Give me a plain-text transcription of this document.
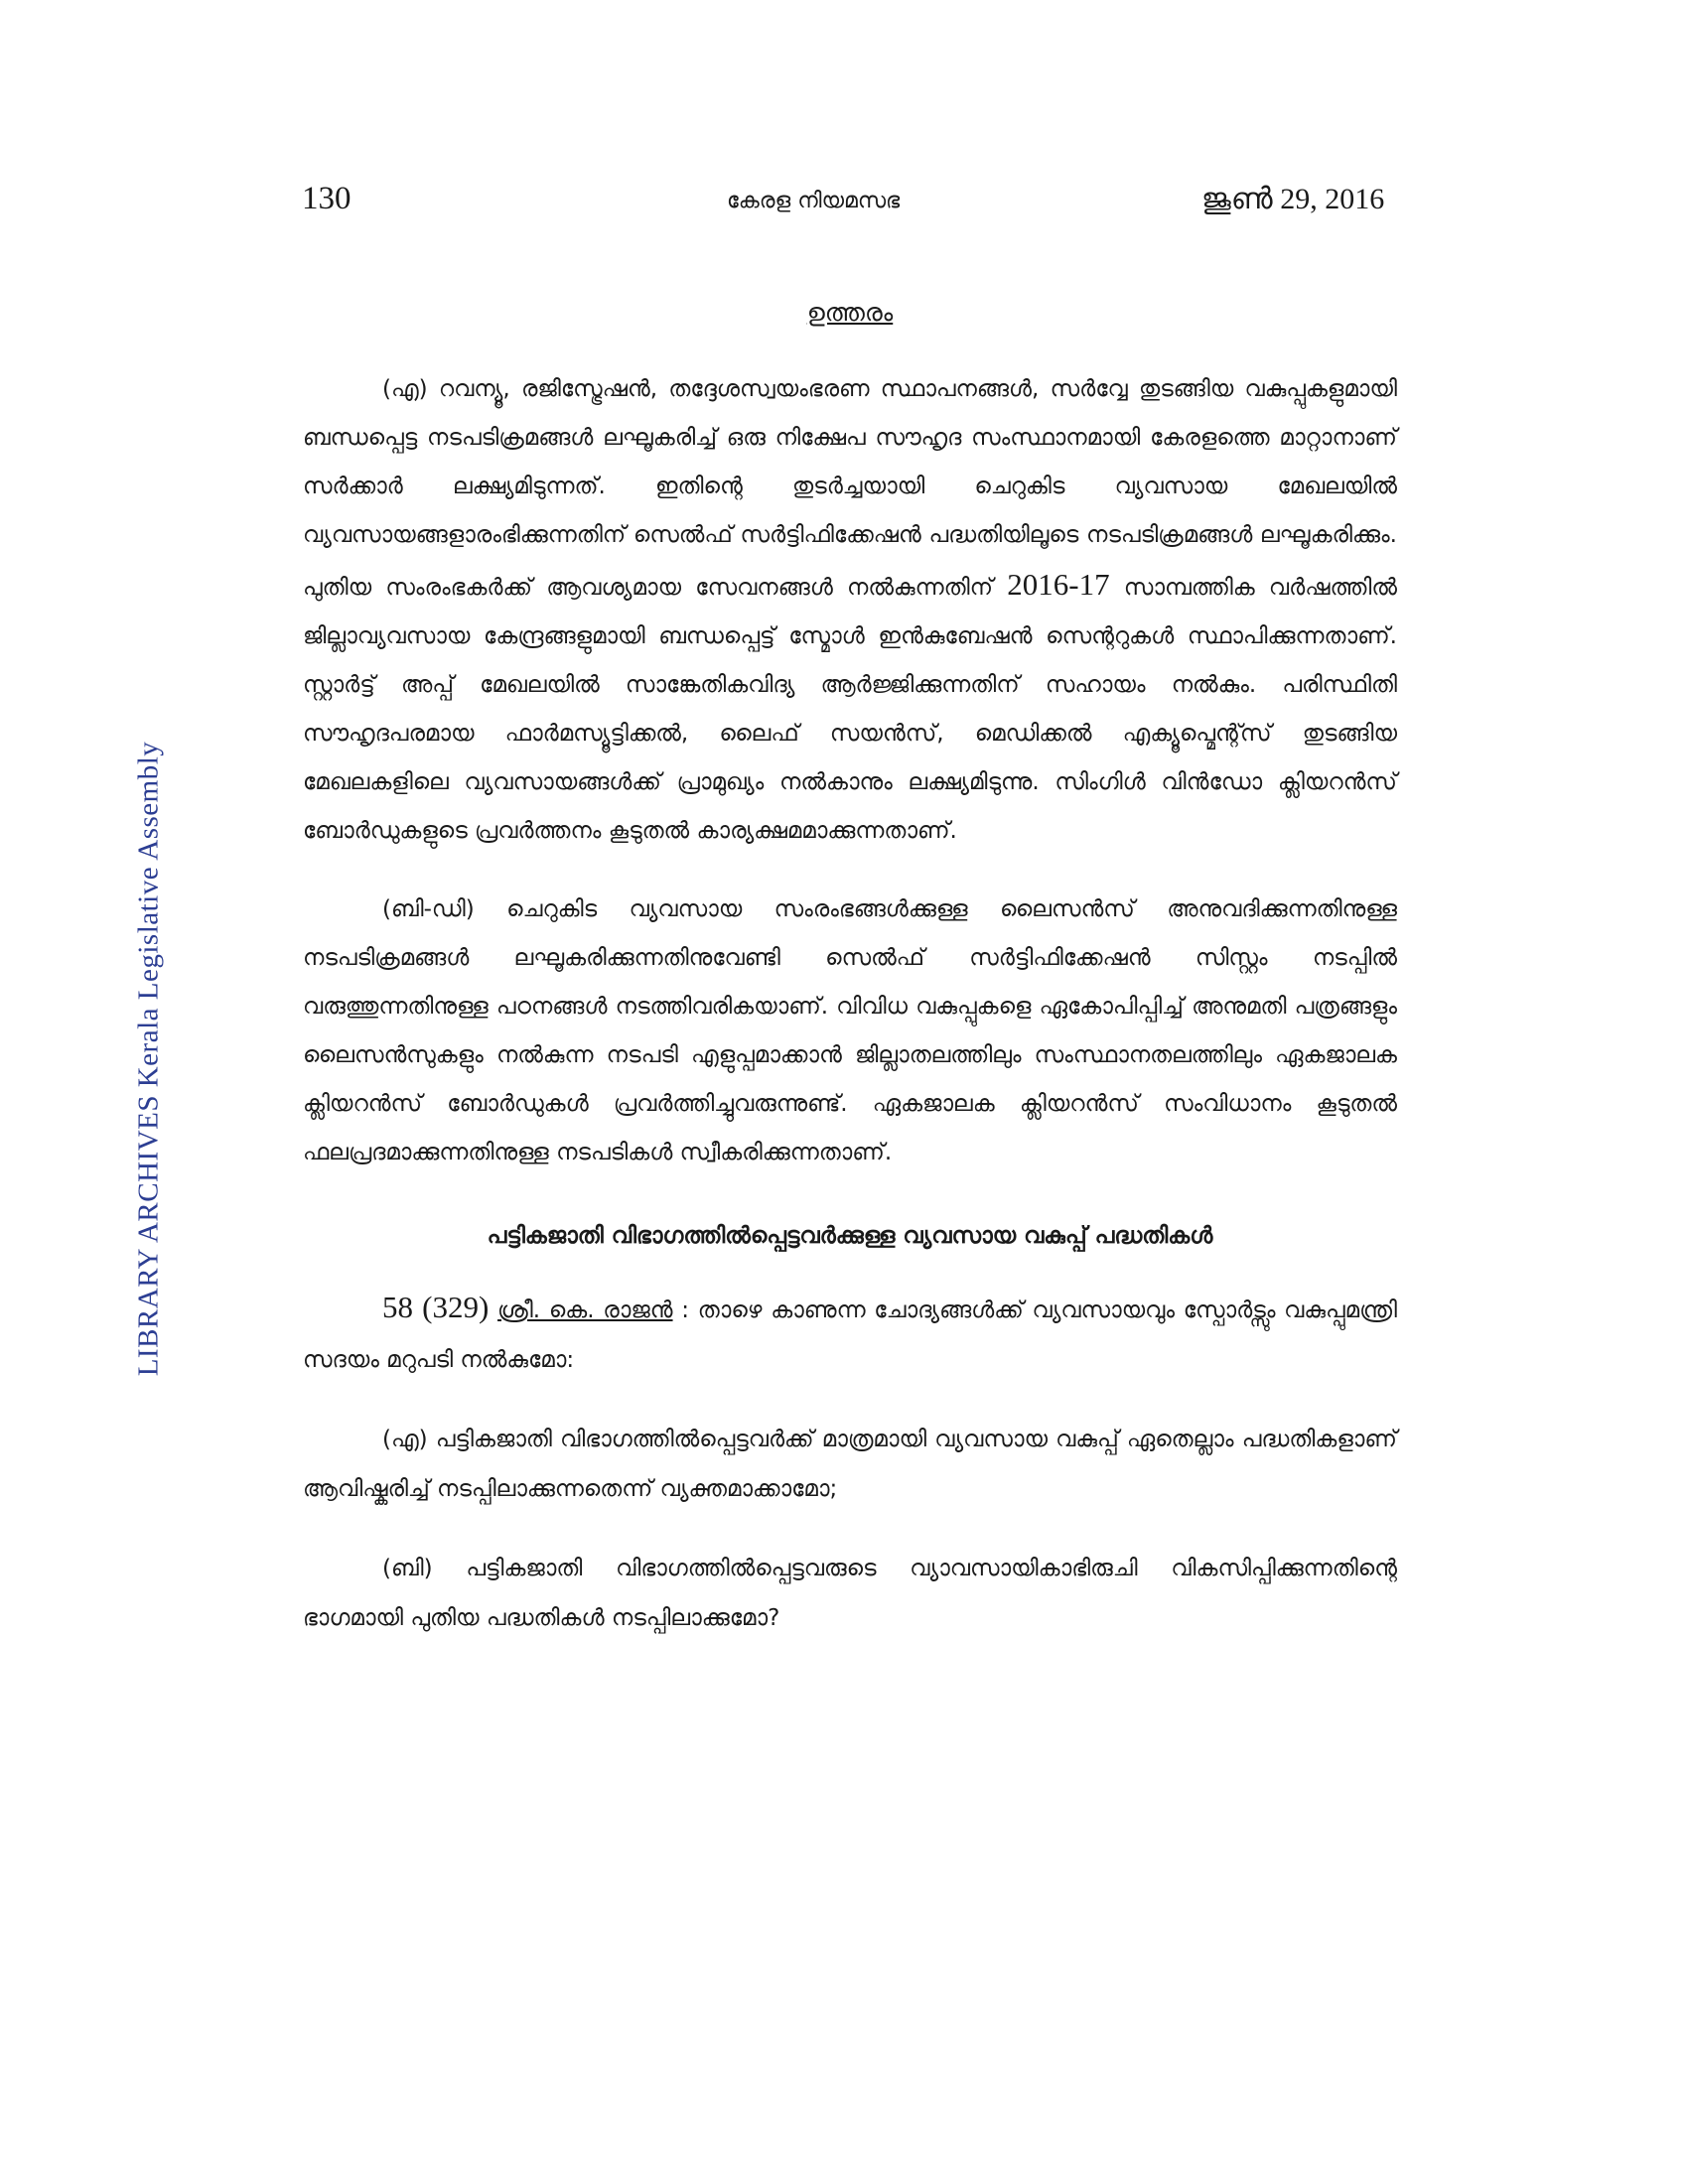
130	കേരള നിയമസഭ	ജൂൺ 29, 2016
LIBRARY ARCHIVES Kerala Legislative Assembly
ഉത്തരം

(എ) റവന്യൂ, രജിസ്ട്രേഷൻ, തദ്ദേശസ്വയംഭരണ സ്ഥാപനങ്ങൾ, സർവ്വേ തുടങ്ങിയ വകുപ്പുകളുമായി ബന്ധപ്പെട്ട നടപടിക്രമങ്ങൾ ലഘൂകരിച്ച് ഒരു നിക്ഷേപ സൗഹൃദ സംസ്ഥാനമായി കേരളത്തെ മാറ്റാനാണ് സർക്കാർ ലക്ഷ്യമിടുന്നത്. ഇതിന്റെ തുടർച്ചയായി ചെറുകിട വ്യവസായ മേഖലയിൽ വ്യവസായങ്ങളാരംഭിക്കുന്നതിന് സെൽഫ് സർട്ടിഫിക്കേഷൻ പദ്ധതിയിലൂടെ നടപടിക്രമങ്ങൾ ലഘൂകരിക്കും. പുതിയ സംരംഭകർക്ക് ആവശ്യമായ സേവനങ്ങൾ നൽകുന്നതിന് 2016-17 സാമ്പത്തിക വർഷത്തിൽ ജില്ലാവ്യവസായ കേന്ദ്രങ്ങളുമായി ബന്ധപ്പെട്ട് സ്മോൾ ഇൻകുബേഷൻ സെന്ററുകൾ സ്ഥാപിക്കുന്നതാണ്. സ്റ്റാർട്ട് അപ്പ് മേഖലയിൽ സാങ്കേതികവിദ്യ ആർജ്ജിക്കുന്നതിന് സഹായം നൽകും. പരിസ്ഥിതി സൗഹൃദപരമായ ഫാർമസ്യൂട്ടിക്കൽ, ലൈഫ് സയൻസ്, മെഡിക്കൽ എക്യൂപ്മെന്റ്സ് തുടങ്ങിയ മേഖലകളിലെ വ്യവസായങ്ങൾക്ക് പ്രാമുഖ്യം നൽകാനും ലക്ഷ്യമിടുന്നു. സിംഗിൾ വിൻഡോ ക്ലിയറൻസ് ബോർഡുകളുടെ പ്രവർത്തനം കൂടുതൽ കാര്യക്ഷമമാക്കുന്നതാണ്.

(ബി-ഡി) ചെറുകിട വ്യവസായ സംരംഭങ്ങൾക്കുള്ള ലൈസൻസ് അനുവദിക്കുന്നതിനുള്ള നടപടിക്രമങ്ങൾ ലഘൂകരിക്കുന്നതിനുവേണ്ടി സെൽഫ് സർട്ടിഫിക്കേഷൻ സിസ്റ്റം നടപ്പിൽ വരുത്തുന്നതിനുള്ള പഠനങ്ങൾ നടത്തിവരികയാണ്. വിവിധ വകുപ്പുകളെ ഏകോപിപ്പിച്ച് അനുമതി പത്രങ്ങളും ലൈസൻസുകളും നൽകുന്ന നടപടി എളുപ്പമാക്കാൻ ജില്ലാതലത്തിലും സംസ്ഥാനതലത്തിലും ഏകജാലക ക്ലിയറൻസ് ബോർഡുകൾ പ്രവർത്തിച്ചുവരുന്നുണ്ട്. ഏകജാലക ക്ലിയറൻസ് സംവിധാനം കൂടുതൽ ഫലപ്രദമാക്കുന്നതിനുള്ള നടപടികൾ സ്വീകരിക്കുന്നതാണ്.

പട്ടികജാതി വിഭാഗത്തിൽപ്പെട്ടവർക്കുള്ള വ്യവസായ വകുപ്പ് പദ്ധതികൾ

58 (329) ശ്രീ. കെ. രാജൻ : താഴെ കാണുന്ന ചോദ്യങ്ങൾക്ക് വ്യവസായവും സ്പോർട്സും വകുപ്പുമന്ത്രി സദയം മറുപടി നൽകുമോ:

(എ) പട്ടികജാതി വിഭാഗത്തിൽപ്പെട്ടവർക്ക് മാത്രമായി വ്യവസായ വകുപ്പ് ഏതെല്ലാം പദ്ധതികളാണ് ആവിഷ്കരിച്ച് നടപ്പിലാക്കുന്നതെന്ന് വ്യക്തമാക്കാമോ;

(ബി) പട്ടികജാതി വിഭാഗത്തിൽപ്പെട്ടവരുടെ വ്യാവസായികാഭിരുചി വികസിപ്പിക്കുന്നതിന്റെ ഭാഗമായി പുതിയ പദ്ധതികൾ നടപ്പിലാക്കുമോ?
